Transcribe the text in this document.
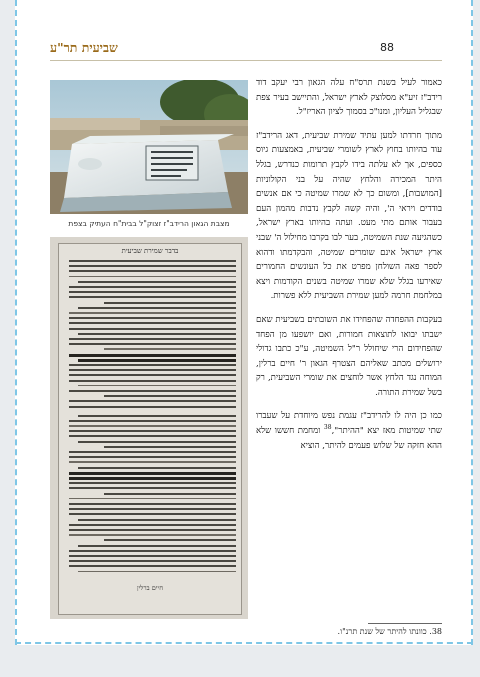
שביעית תר"ע	88

כאמור לעיל בשנת תרס"ח עלה הגאון רבי יעקב דוד רידב"ז זיע"א מסלוצק לארץ ישראל, והתיישב בעיר צפת שבגליל העליון, ומנו"כ בסמוך לציון האריז"ל.

מתוך חרדתו למען עתיד שמירת שביעית, דאג הרידב"ז עוד בהיותו בחוץ לארץ לשומרי שביעית, באמצעות גיוס כספים, אך לא עלתה בידו לקבץ תרומות כנדרש, בגלל היתר המכירה והלחץ שהיה על בני הקולוניות [המושבות], ומשום כך לא שמרו שמיטה כי אם אנשים בודדים ויראי ה', והיה קשה לקבץ נדבות מהמון העם בעבור אותם מתי מעט. ועתה בהיותו בארץ ישראל, כשהגיעה שנת השמיטה, בער לבו בקרבו מחילול ה' שבני ארץ ישראל אינם שומרים שמיטה, והבקדמתו ודהוא לספר פאה השולחן מפרט את כל העונשים החמורים שאירעו בגלל שלא שמרו שמיטה בשנים הקודמות ויצא במלחמת חרמה למען שמירת השביעית ללא פשרות.

בעקבות ההפחדה שהפחידו את השובתים בשביעית שאם ישבתו יבואו לתוצאות חמורות, ואם יושפעו מן הפחד שהפחידום הרי שיחולל ר"ל השמיטה, ע"כ כתבו גדולי ירושלים מכתב שאליהם הצטרף הגאון ר' חיים ברלין, המוחה נגד הלחץ אשר לוחצים את שומרי השביעית, רק בשל שמירת התורה.

כמו כן היה לו להרידב"ז עגמת נפש מיוחדת על שעברו שתי שמיטות מאז יצא "ההיתר",$^{38}$ ומחמת חששו שלא ההא חזקה של שלוש פעמים להיתר, הוציא

38. כוונתו להיתר של שנת תרנ"ו.
מצבת הגאון הרידב"ז זצוק"ל בבית"ח העתיק בצפת
בדבר שמירת שביעית
חיים ברלין
